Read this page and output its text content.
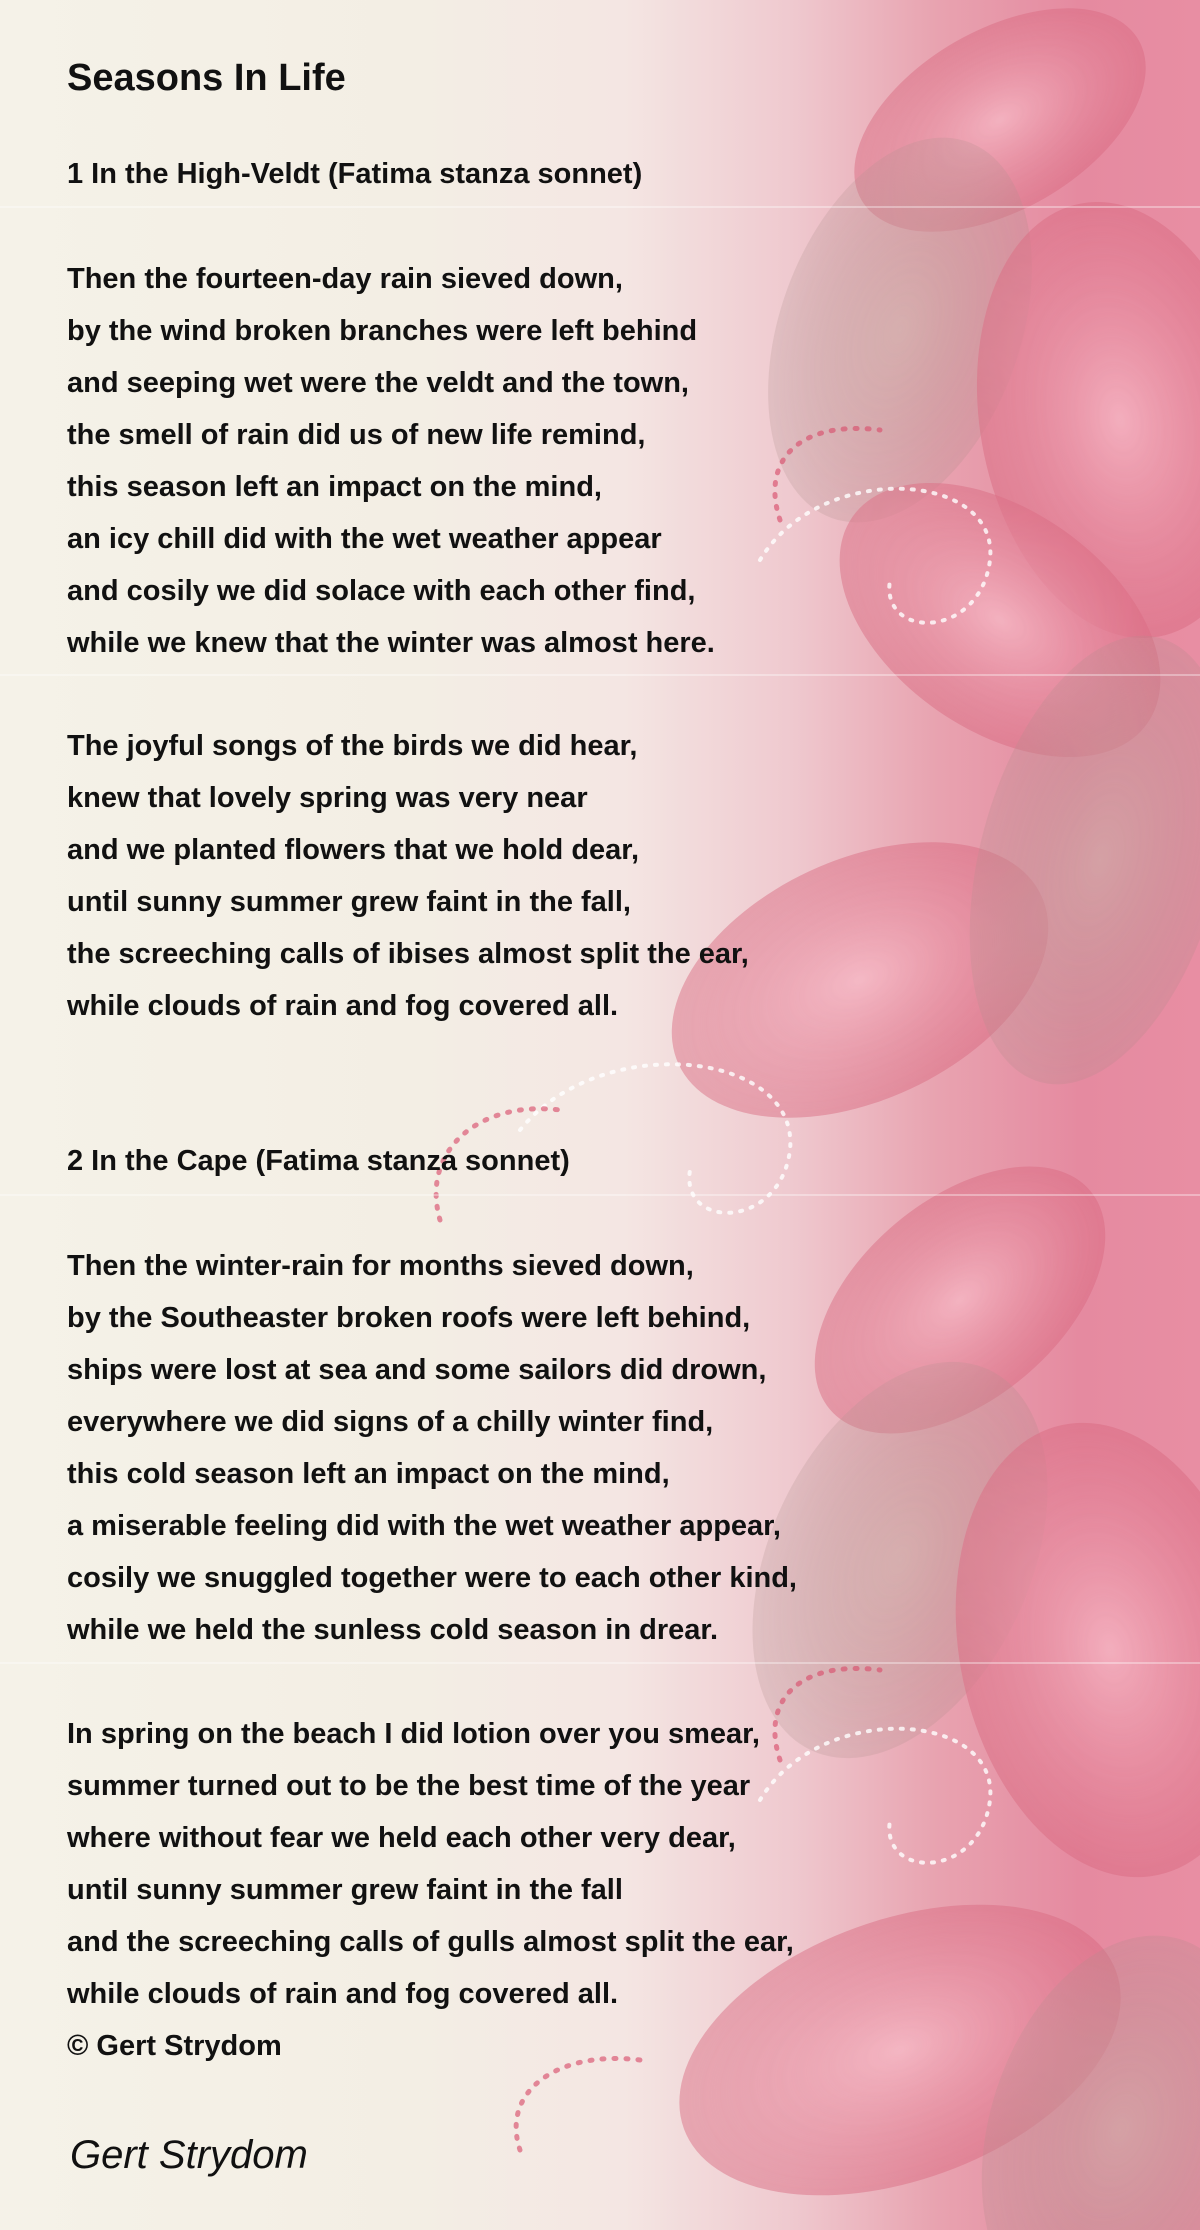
Seasons In Life
1 In the High-Veldt (Fatima stanza sonnet)
Then the fourteen-day rain sieved down,
by the wind broken branches were left behind
and seeping wet were the veldt and the town,
the smell of rain did us of new life remind,
this season left an impact on the mind,
an icy chill did with the wet weather appear
and cosily we did solace with each other find,
while we knew that the winter was almost here.
The joyful songs of the birds we did hear,
knew that lovely spring was very near
and we planted flowers that we hold dear,
until sunny summer grew faint in the fall,
the screeching calls of ibises almost split the ear,
while clouds of rain and fog covered all.
2 In the Cape (Fatima stanza sonnet)
Then the winter-rain for months sieved down,
by the Southeaster broken roofs were left behind,
ships were lost at sea and some sailors did drown,
everywhere we did signs of a chilly winter find,
this cold season left an impact on the mind,
a miserable feeling did with the wet weather appear,
cosily we snuggled together were to each other kind,
while we held the sunless cold season in drear.
In spring on the beach I did lotion over you smear,
summer turned out to be the best time of the year
where without fear we held each other very dear,
until sunny summer grew faint in the fall
and the screeching calls of gulls almost split the ear,
while clouds of rain and fog covered all.
© Gert Strydom
Gert Strydom
